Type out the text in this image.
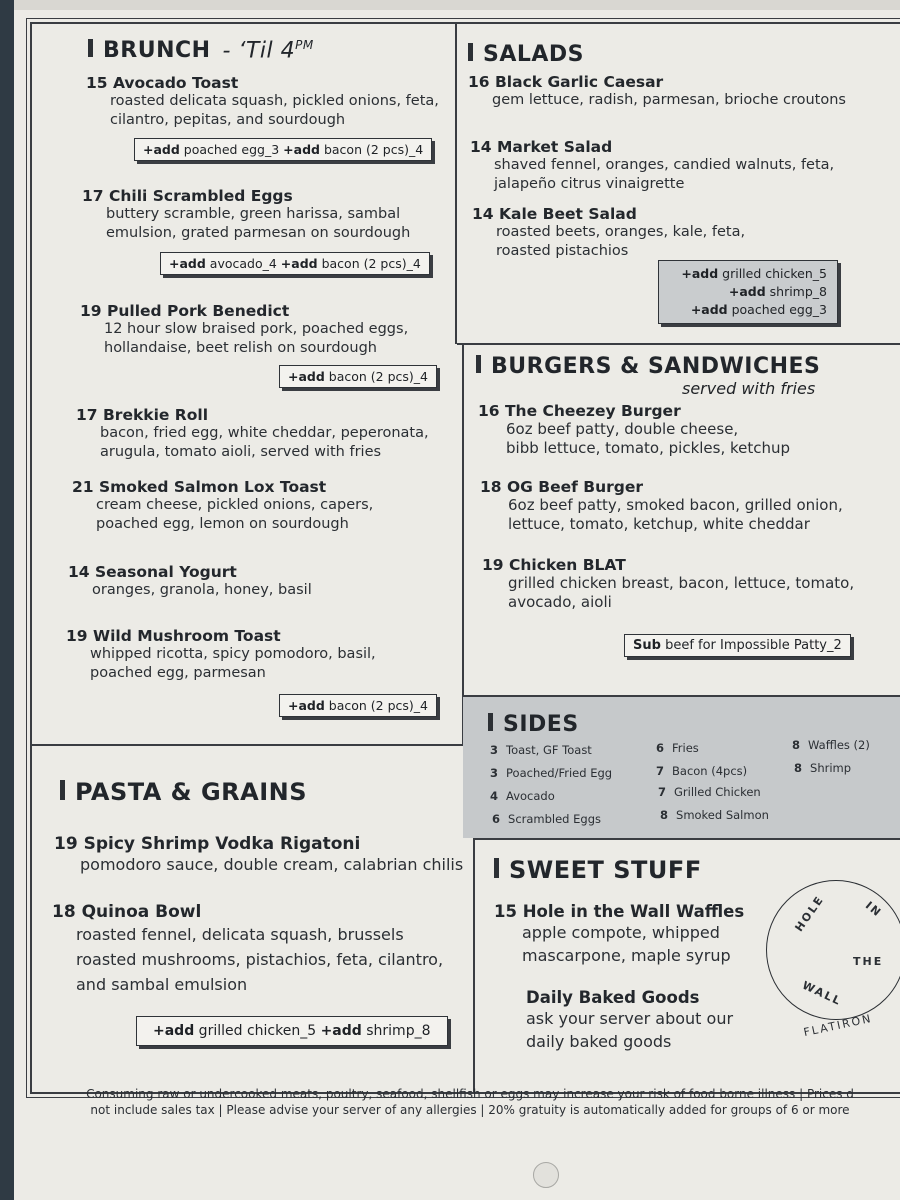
BRUNCH - ‘Til $4^{PM}$
15 Avocado Toast
roasted delicata squash, pickled onions, feta,
cilantro, pepitas, and sourdough
+add poached egg_3 +add bacon (2 pcs)_4
17 Chili Scrambled Eggs
buttery scramble, green harissa, sambal
emulsion, grated parmesan on sourdough
+add avocado_4 +add bacon (2 pcs)_4
19 Pulled Pork Benedict
12 hour slow braised pork, poached eggs,
hollandaise, beet relish on sourdough
+add bacon (2 pcs)_4
17 Brekkie Roll
bacon, fried egg, white cheddar, peperonata,
arugula, tomato aioli, served with fries
21 Smoked Salmon Lox Toast
cream cheese, pickled onions, capers,
poached egg, lemon on sourdough
14 Seasonal Yogurt
oranges, granola, honey, basil
19 Wild Mushroom Toast
whipped ricotta, spicy pomodoro, basil,
poached egg, parmesan
+add bacon (2 pcs)_4
SALADS
16 Black Garlic Caesar
gem lettuce, radish, parmesan, brioche croutons
14 Market Salad
shaved fennel, oranges, candied walnuts, feta,
jalapeño citrus vinaigrette
14 Kale Beet Salad
roasted beets, oranges, kale, feta,
roasted pistachios
+add grilled chicken_5
+add shrimp_8
+add poached egg_3
BURGERS & SANDWICHES
served with fries
16 The Cheezey Burger
6oz beef patty, double cheese,
bibb lettuce, tomato, pickles, ketchup
18 OG Beef Burger
6oz beef patty, smoked bacon, grilled onion,
lettuce, tomato, ketchup, white cheddar
19 Chicken BLAT
grilled chicken breast, bacon, lettuce, tomato,
avocado, aioli
Sub beef for Impossible Patty_2
SIDES
3 Toast, GF Toast
3 Poached/Fried Egg
4 Avocado
6 Scrambled Eggs
6 Fries
7 Bacon (4pcs)
7 Grilled Chicken
8 Smoked Salmon
8 Waffles (2)
8 Shrimp
PASTA & GRAINS
19 Spicy Shrimp Vodka Rigatoni
pomodoro sauce, double cream, calabrian chilis
18 Quinoa Bowl
roasted fennel, delicata squash, brussels
roasted mushrooms, pistachios, feta, cilantro,
and sambal emulsion
+add grilled chicken_5 +add shrimp_8
SWEET STUFF
15 Hole in the Wall Waffles
apple compote, whipped
mascarpone, maple syrup
Daily Baked Goods
ask your server about our
daily baked goods
HOLE	IN
THE
WALL
FLATIRON
Consuming raw or undercooked meats, poultry, seafood, shellfish or eggs may increase your risk of food borne illness | Prices d
not include sales tax | Please advise your server of any allergies | 20% gratuity is automatically added for groups of 6 or more
